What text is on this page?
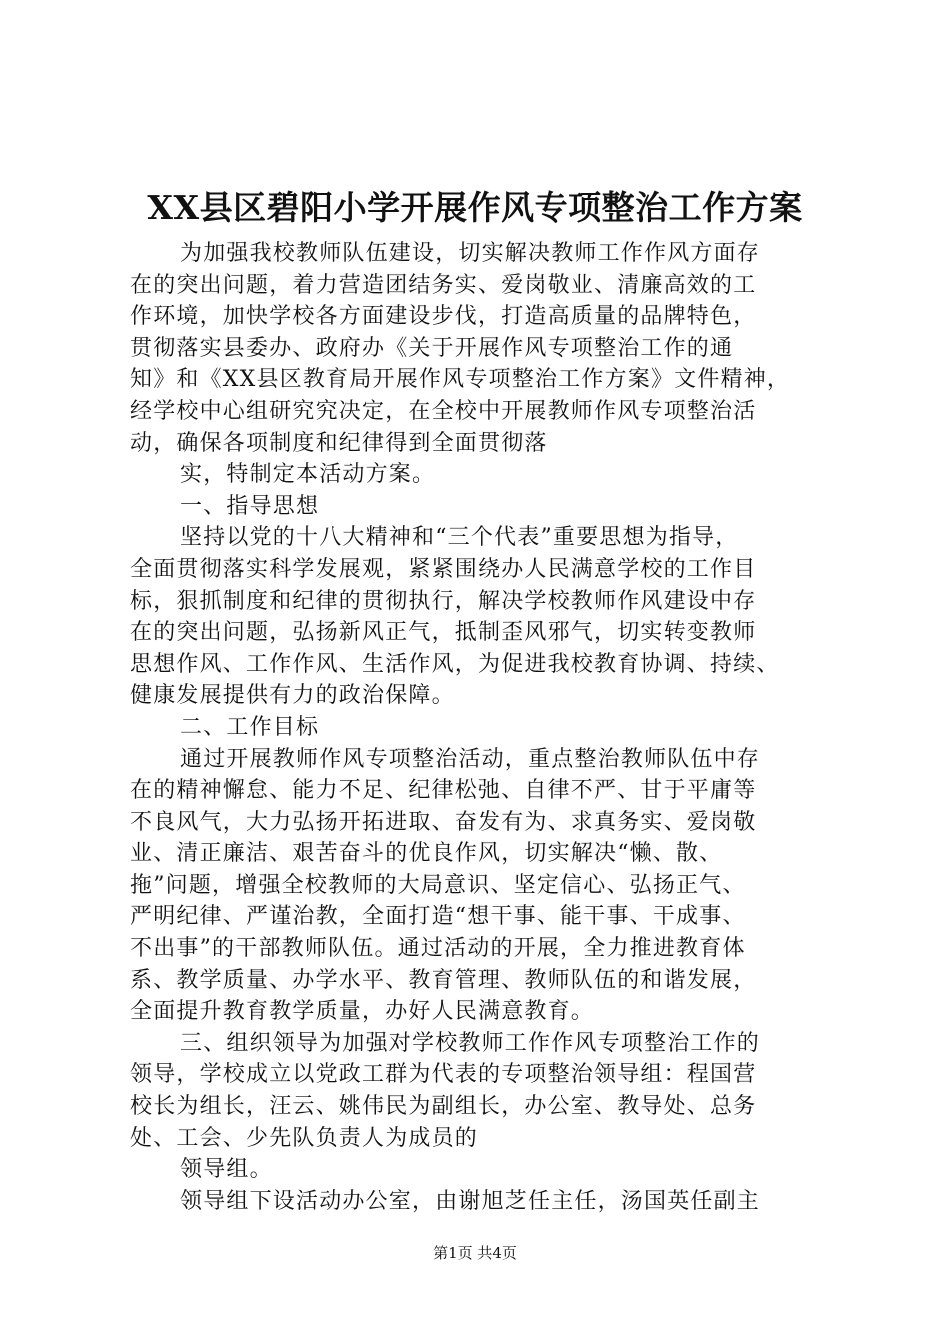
XX县区碧阳小学开展作风专项整治工作方案
为加强我校教师队伍建设，切实解决教师工作作风方面存
在的突出问题，着力营造团结务实、爱岗敬业、清廉高效的工
作环境，加快学校各方面建设步伐，打造高质量的品牌特色，
贯彻落实县委办、政府办《关于开展作风专项整治工作的通
知》和《XX县区教育局开展作风专项整治工作方案》文件精神，
经学校中心组研究究决定，在全校中开展教师作风专项整治活
动，确保各项制度和纪律得到全面贯彻落
实，特制定本活动方案。
一、指导思想
坚持以党的十八大精神和“三个代表”重要思想为指导，
全面贯彻落实科学发展观，紧紧围绕办人民满意学校的工作目
标，狠抓制度和纪律的贯彻执行，解决学校教师作风建设中存
在的突出问题，弘扬新风正气，抵制歪风邪气，切实转变教师
思想作风、工作作风、生活作风，为促进我校教育协调、持续、
健康发展提供有力的政治保障。
二、工作目标
通过开展教师作风专项整治活动，重点整治教师队伍中存
在的精神懈怠、能力不足、纪律松弛、自律不严、甘于平庸等
不良风气，大力弘扬开拓进取、奋发有为、求真务实、爱岗敬
业、清正廉洁、艰苦奋斗的优良作风，切实解决“懒、散、
拖”问题，增强全校教师的大局意识、坚定信心、弘扬正气、
严明纪律、严谨治教，全面打造“想干事、能干事、干成事、
不出事”的干部教师队伍。通过活动的开展，全力推进教育体
系、教学质量、办学水平、教育管理、教师队伍的和谐发展，
全面提升教育教学质量，办好人民满意教育。
三、组织领导为加强对学校教师工作作风专项整治工作的
领导，学校成立以党政工群为代表的专项整治领导组：程国营
校长为组长，汪云、姚伟民为副组长，办公室、教导处、总务
处、工会、少先队负责人为成员的
领导组。
领导组下设活动办公室，由谢旭芝任主任，汤国英任副主
第1页 共4页
